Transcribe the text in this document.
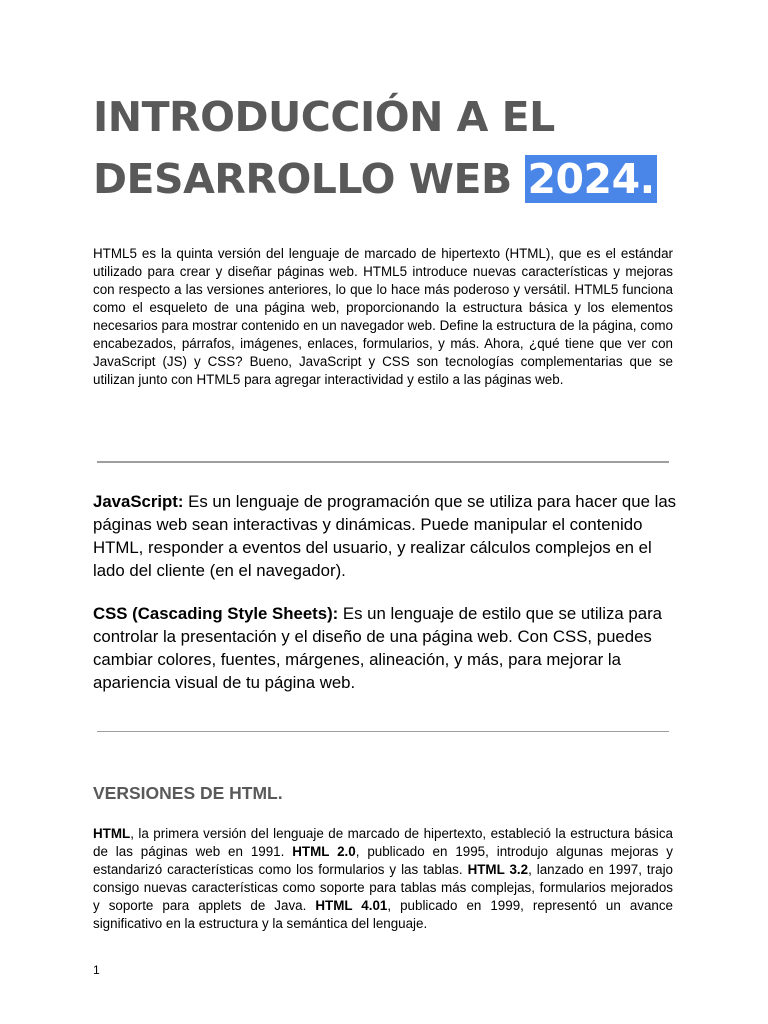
INTRODUCCIÓN A EL
DESARROLLO WEB 2024.

HTML5 es la quinta versión del lenguaje de marcado de hipertexto (HTML), que es el estándar utilizado para crear y diseñar páginas web. HTML5 introduce nuevas características y mejoras con respecto a las versiones anteriores, lo que lo hace más poderoso y versátil. HTML5 funciona como el esqueleto de una página web, proporcionando la estructura básica y los elementos necesarios para mostrar contenido en un navegador web. Define la estructura de la página, como encabezados, párrafos, imágenes, enlaces, formularios, y más. Ahora, ¿qué tiene que ver con JavaScript (JS) y CSS? Bueno, JavaScript y CSS son tecnologías complementarias que se utilizan junto con HTML5 para agregar interactividad y estilo a las páginas web.

JavaScript: Es un lenguaje de programación que se utiliza para hacer que las páginas web sean interactivas y dinámicas. Puede manipular el contenido HTML, responder a eventos del usuario, y realizar cálculos complejos en el lado del cliente (en el navegador).

CSS (Cascading Style Sheets): Es un lenguaje de estilo que se utiliza para controlar la presentación y el diseño de una página web. Con CSS, puedes cambiar colores, fuentes, márgenes, alineación, y más, para mejorar la apariencia visual de tu página web.

VERSIONES DE HTML.

HTML, la primera versión del lenguaje de marcado de hipertexto, estableció la estructura básica de las páginas web en 1991. HTML 2.0, publicado en 1995, introdujo algunas mejoras y estandarizó características como los formularios y las tablas. HTML 3.2, lanzado en 1997, trajo consigo nuevas características como soporte para tablas más complejas, formularios mejorados y soporte para applets de Java. HTML 4.01, publicado en 1999, representó un avance significativo en la estructura y la semántica del lenguaje.

1
